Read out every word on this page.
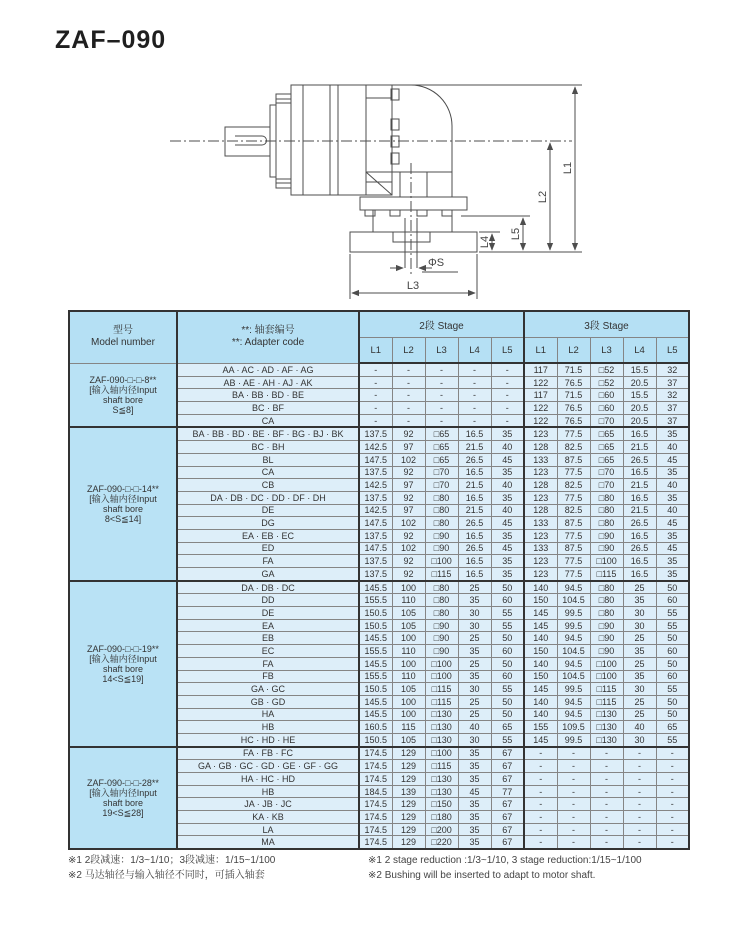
ZAF–090
ΦS
L3
L4
L5
L2
L1
型号
Model number

**: 轴套编号
**: Adapter code
	2段 Stage	3段 Stage
		L1	L2	L3	L4	L5	L1	L2	L3	L4	L5

ZAF-090-□-□-8**
[输入轴内径Input
shaft bore
S≦8]	AA · AC · AD · AF · AG	-	-	-	-	-	117	71.5	□52	15.5	32
	AB · AE · AH · AJ · AK	-	-	-	-	-	122	76.5	□52	20.5	37
	BA · BB · BD · BE	-	-	-	-	-	117	71.5	□60	15.5	32
	BC · BF	-	-	-	-	-	122	76.5	□60	20.5	37
	CA	-	-	-	-	-	122	76.5	□70	20.5	37

ZAF-090-□-□-14**
[输入轴内径Input
shaft bore
8<S≦14]	BA · BB · BD · BE · BF · BG · BJ · BK	137.5	92	□65	16.5	35	123	77.5	□65	16.5	35
	BC · BH	142.5	97	□65	21.5	40	128	82.5	□65	21.5	40
	BL	147.5	102	□65	26.5	45	133	87.5	□65	26.5	45
	CA	137.5	92	□70	16.5	35	123	77.5	□70	16.5	35
	CB	142.5	97	□70	21.5	40	128	82.5	□70	21.5	40
	DA · DB · DC · DD · DF · DH	137.5	92	□80	16.5	35	123	77.5	□80	16.5	35
	DE	142.5	97	□80	21.5	40	128	82.5	□80	21.5	40
	DG	147.5	102	□80	26.5	45	133	87.5	□80	26.5	45
	EA · EB · EC	137.5	92	□90	16.5	35	123	77.5	□90	16.5	35
	ED	147.5	102	□90	26.5	45	133	87.5	□90	26.5	45
	FA	137.5	92	□100	16.5	35	123	77.5	□100	16.5	35
	GA	137.5	92	□115	16.5	35	123	77.5	□115	16.5	35

ZAF-090-□-□-19**
[输入轴内径Input
shaft bore
14<S≦19]	DA · DB · DC	145.5	100	□80	25	50	140	94.5	□80	25	50
	DD	155.5	110	□80	35	60	150	104.5	□80	35	60
	DE	150.5	105	□80	30	55	145	99.5	□80	30	55
	EA	150.5	105	□90	30	55	145	99.5	□90	30	55
	EB	145.5	100	□90	25	50	140	94.5	□90	25	50
	EC	155.5	110	□90	35	60	150	104.5	□90	35	60
	FA	145.5	100	□100	25	50	140	94.5	□100	25	50
	FB	155.5	110	□100	35	60	150	104.5	□100	35	60
	GA · GC	150.5	105	□115	30	55	145	99.5	□115	30	55
	GB · GD	145.5	100	□115	25	50	140	94.5	□115	25	50
	HA	145.5	100	□130	25	50	140	94.5	□130	25	50
	HB	160.5	115	□130	40	65	155	109.5	□130	40	65
	HC · HD · HE	150.5	105	□130	30	55	145	99.5	□130	30	55

ZAF-090-□-□-28**
[输入轴内径Input
shaft bore
19<S≦28]	FA · FB · FC	174.5	129	□100	35	67	-	-	-	-	-
	GA · GB · GC · GD · GE · GF · GG	174.5	129	□115	35	67	-	-	-	-	-
	HA · HC · HD	174.5	129	□130	35	67	-	-	-	-	-
	HB	184.5	139	□130	45	77	-	-	-	-	-
	JA · JB · JC	174.5	129	□150	35	67	-	-	-	-	-
	KA · KB	174.5	129	□180	35	67	-	-	-	-	-
	LA	174.5	129	□200	35	67	-	-	-	-	-
	MA	174.5	129	□220	35	67	-	-	-	-	-
※1 2段减速：1/3~1/10；3段减速：1/15~1/100
※2 马达轴径与输入轴径不同时，可插入轴套
※1 2 stage reduction :1/3~1/10, 3 stage reduction:1/15~1/100
※2 Bushing will be inserted to adapt to motor shaft.
